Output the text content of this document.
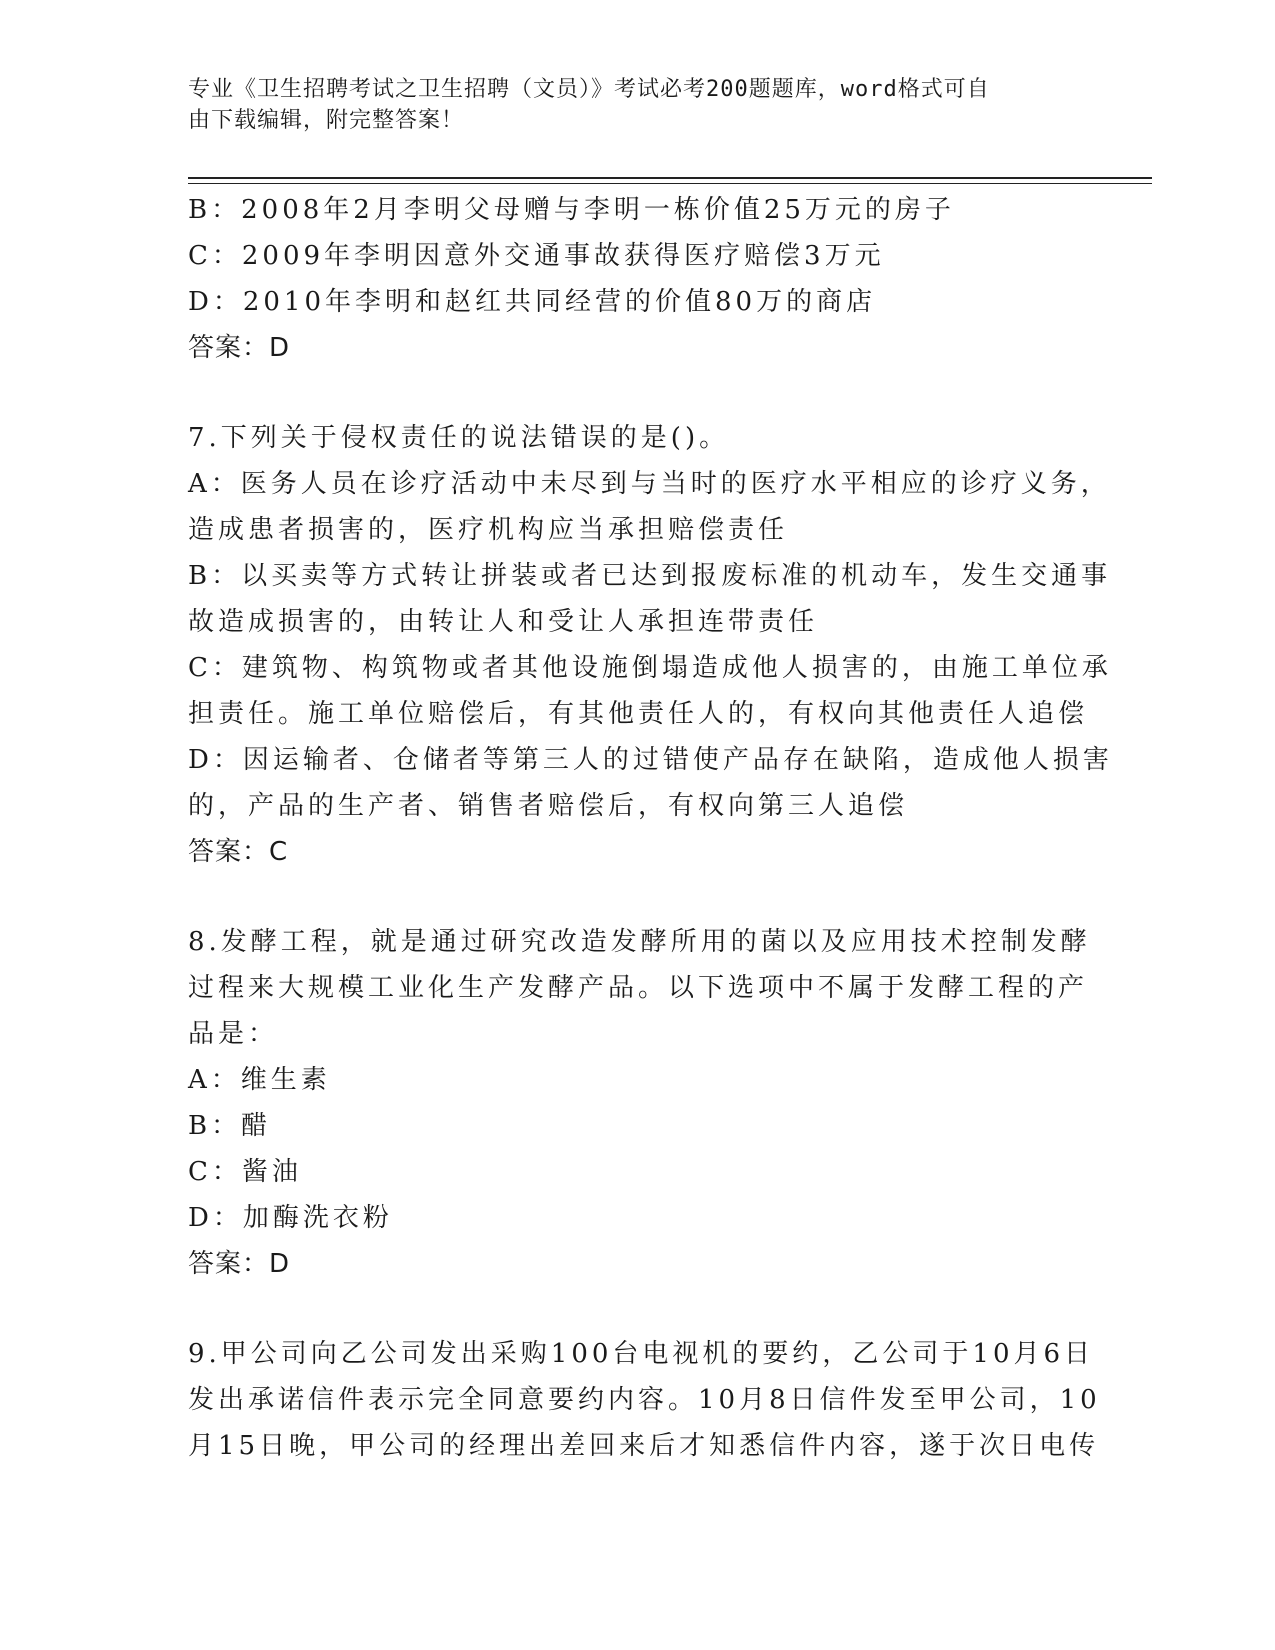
专业《卫生招聘考试之卫生招聘（文员）》考试必考200题题库，word格式可自
由下载编辑，附完整答案！
B：2008年2月李明父母赠与李明一栋价值25万元的房子
C：2009年李明因意外交通事故获得医疗赔偿3万元
D：2010年李明和赵红共同经营的价值80万的商店
答案：D
7.下列关于侵权责任的说法错误的是()。
A：医务人员在诊疗活动中未尽到与当时的医疗水平相应的诊疗义务，
造成患者损害的，医疗机构应当承担赔偿责任
B：以买卖等方式转让拼装或者已达到报废标准的机动车，发生交通事
故造成损害的，由转让人和受让人承担连带责任
C：建筑物、构筑物或者其他设施倒塌造成他人损害的，由施工单位承
担责任。施工单位赔偿后，有其他责任人的，有权向其他责任人追偿
D：因运输者、仓储者等第三人的过错使产品存在缺陷，造成他人损害
的，产品的生产者、销售者赔偿后，有权向第三人追偿
答案：C
8.发酵工程，就是通过研究改造发酵所用的菌以及应用技术控制发酵
过程来大规模工业化生产发酵产品。以下选项中不属于发酵工程的产
品是：
A：维生素
B：醋
C：酱油
D：加酶洗衣粉
答案：D
9.甲公司向乙公司发出采购100台电视机的要约，乙公司于10月6日
发出承诺信件表示完全同意要约内容。10月8日信件发至甲公司，10
月15日晚，甲公司的经理出差回来后才知悉信件内容，遂于次日电传
